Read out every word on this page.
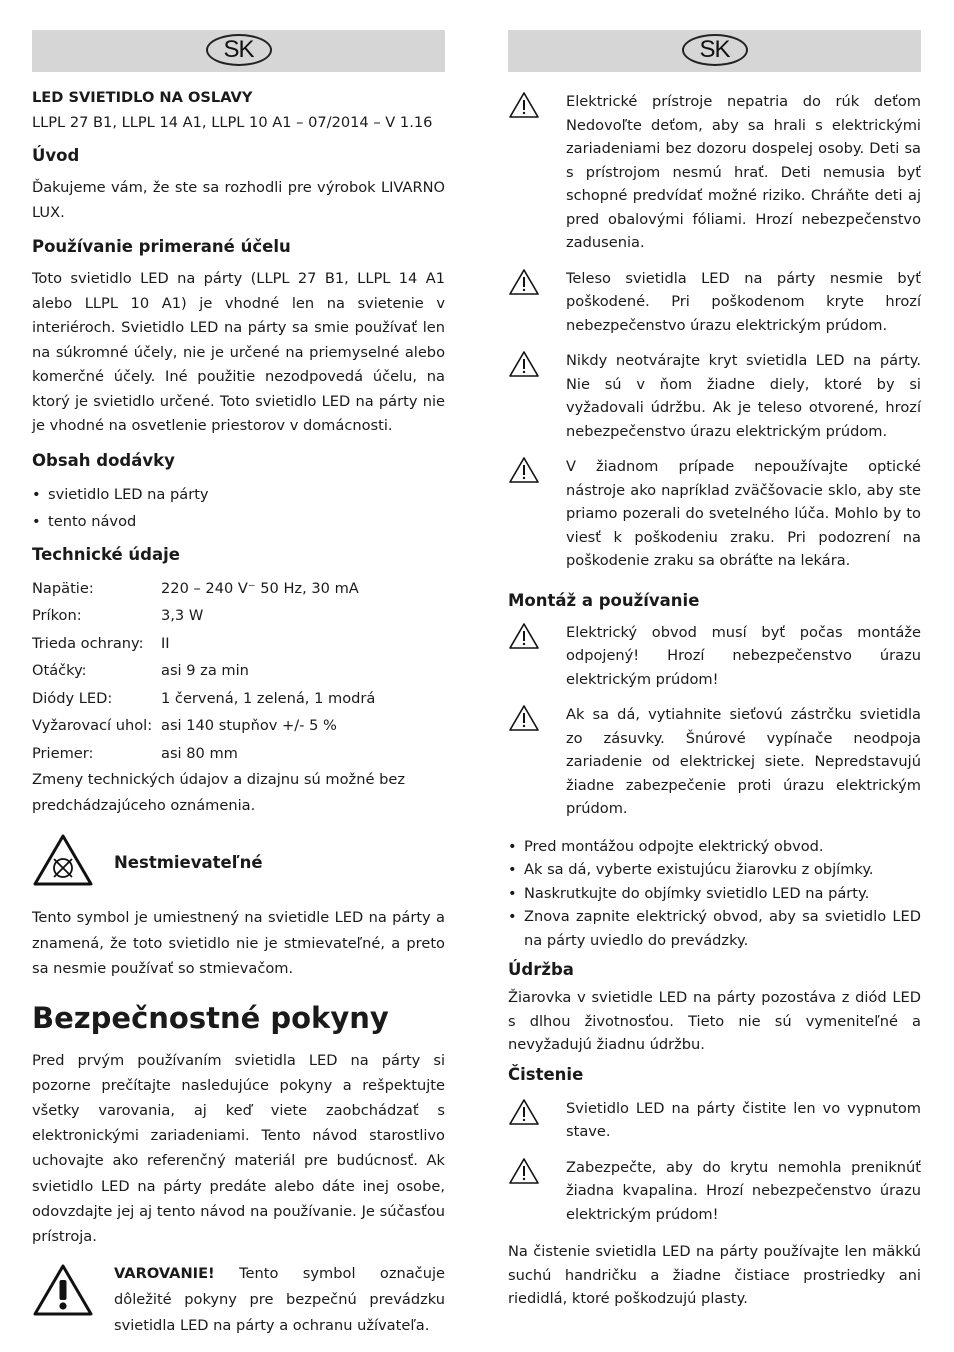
SK

LED SVIETIDLO NA OSLAVY

LLPL 27 B1, LLPL 14 A1, LLPL 10 A1 – 07/2014 – V 1.16

Úvod

Ďakujeme vám, že ste sa rozhodli pre výrobok LIVARNO LUX.

Používanie primerané účelu

Toto svietidlo LED na párty (LLPL 27 B1, LLPL 14 A1 alebo LLPL 10 A1) je vhodné len na svietenie v interiéroch. Svietidlo LED na párty sa smie používať len na súkromné účely, nie je určené na priemyselné alebo komerčné účely. Iné použitie nezodpovedá účelu, na ktorý je svietidlo určené. Toto svietidlo LED na párty nie je vhodné na osvetlenie priestorov v domácnosti.

Obsah dodávky
• svietidlo LED na párty
• tento návod
Technické údaje
Napätie:	220 – 240 V⁻ 50 Hz, 30 mA
Príkon:	3,3 W
Trieda ochrany:	II
Otáčky:	asi 9 za min
Diódy LED:	1 červená, 1 zelená, 1 modrá
Vyžarovací uhol: asi 140 stupňov +/- 5 %
Priemer:	asi 80 mm

Zmeny technických údajov a dizajnu sú možné bez predchádzajúceho oznámenia.

Nestmievateľné

Tento symbol je umiestnený na svietidle LED na párty a znamená, že toto svietidlo nie je stmievateľné, a preto sa nesmie používať so stmievačom.

Bezpečnostné pokyny

Pred prvým používaním svietidla LED na párty si pozorne prečítajte nasledujúce pokyny a rešpektujte všetky varovania, aj keď viete zaobchádzať s elektronickými zariadeniami. Tento návod starostlivo uchovajte ako referenčný materiál pre budúcnosť. Ak svietidlo LED na párty predáte alebo dáte inej osobe, odovzdajte jej aj tento návod na používanie. Je súčasťou prístroja.

VAROVANIE! Tento symbol označuje dôležité pokyny pre bezpečnú prevádzku svietidla LED na párty a ochranu užívateľa.
SK
Elektrické prístroje nepatria do rúk deťom Nedovoľte deťom, aby sa hrali s elektrickými zariadeniami bez dozoru dospelej osoby. Deti sa s prístrojom nesmú hrať. Deti nemusia byť schopné predvídať možné riziko. Chráňte deti aj pred obalovými fóliami. Hrozí nebezpečenstvo zadusenia.
Teleso svietidla LED na párty nesmie byť poškodené. Pri poškodenom kryte hrozí nebezpečenstvo úrazu elektrickým prúdom.
Nikdy neotvárajte kryt svietidla LED na párty. Nie sú v ňom žiadne diely, ktoré by si vyžadovali údržbu. Ak je teleso otvorené, hrozí nebezpečenstvo úrazu elektrickým prúdom.
V žiadnom prípade nepoužívajte optické nástroje ako napríklad zväčšovacie sklo, aby ste priamo pozerali do svetelného lúča. Mohlo by to viesť k poškodeniu zraku. Pri podozrení na poškodenie zraku sa obráťte na lekára.
Montáž a používanie
Elektrický obvod musí byť počas montáže odpojený! Hrozí nebezpečenstvo úrazu elektrickým prúdom!
Ak sa dá, vytiahnite sieťovú zástrčku svietidla zo zásuvky. Šnúrové vypínače neodpoja zariadenie od elektrickej siete. Nepredstavujú žiadne zabezpečenie proti úrazu elektrickým prúdom.
• Pred montážou odpojte elektrický obvod.
• Ak sa dá, vyberte existujúcu žiarovku z objímky.
• Naskrutkujte do objímky svietidlo LED na párty.
• Znova zapnite elektrický obvod, aby sa svietidlo LED na párty uviedlo do prevádzky.
Údržba

Žiarovka v svietidle LED na párty pozostáva z diód LED s dlhou životnosťou. Tieto nie sú vymeniteľné a nevyžadujú žiadnu údržbu.

Čistenie
Svietidlo LED na párty čistite len vo vypnutom stave.
Zabezpečte, aby do krytu nemohla preniknúť žiadna kvapalina. Hrozí nebezpečenstvo úrazu elektrickým prúdom!

Na čistenie svietidla LED na párty používajte len mäkkú suchú handričku a žiadne čistiace prostriedky ani riedidlá, ktoré poškodzujú plasty.
